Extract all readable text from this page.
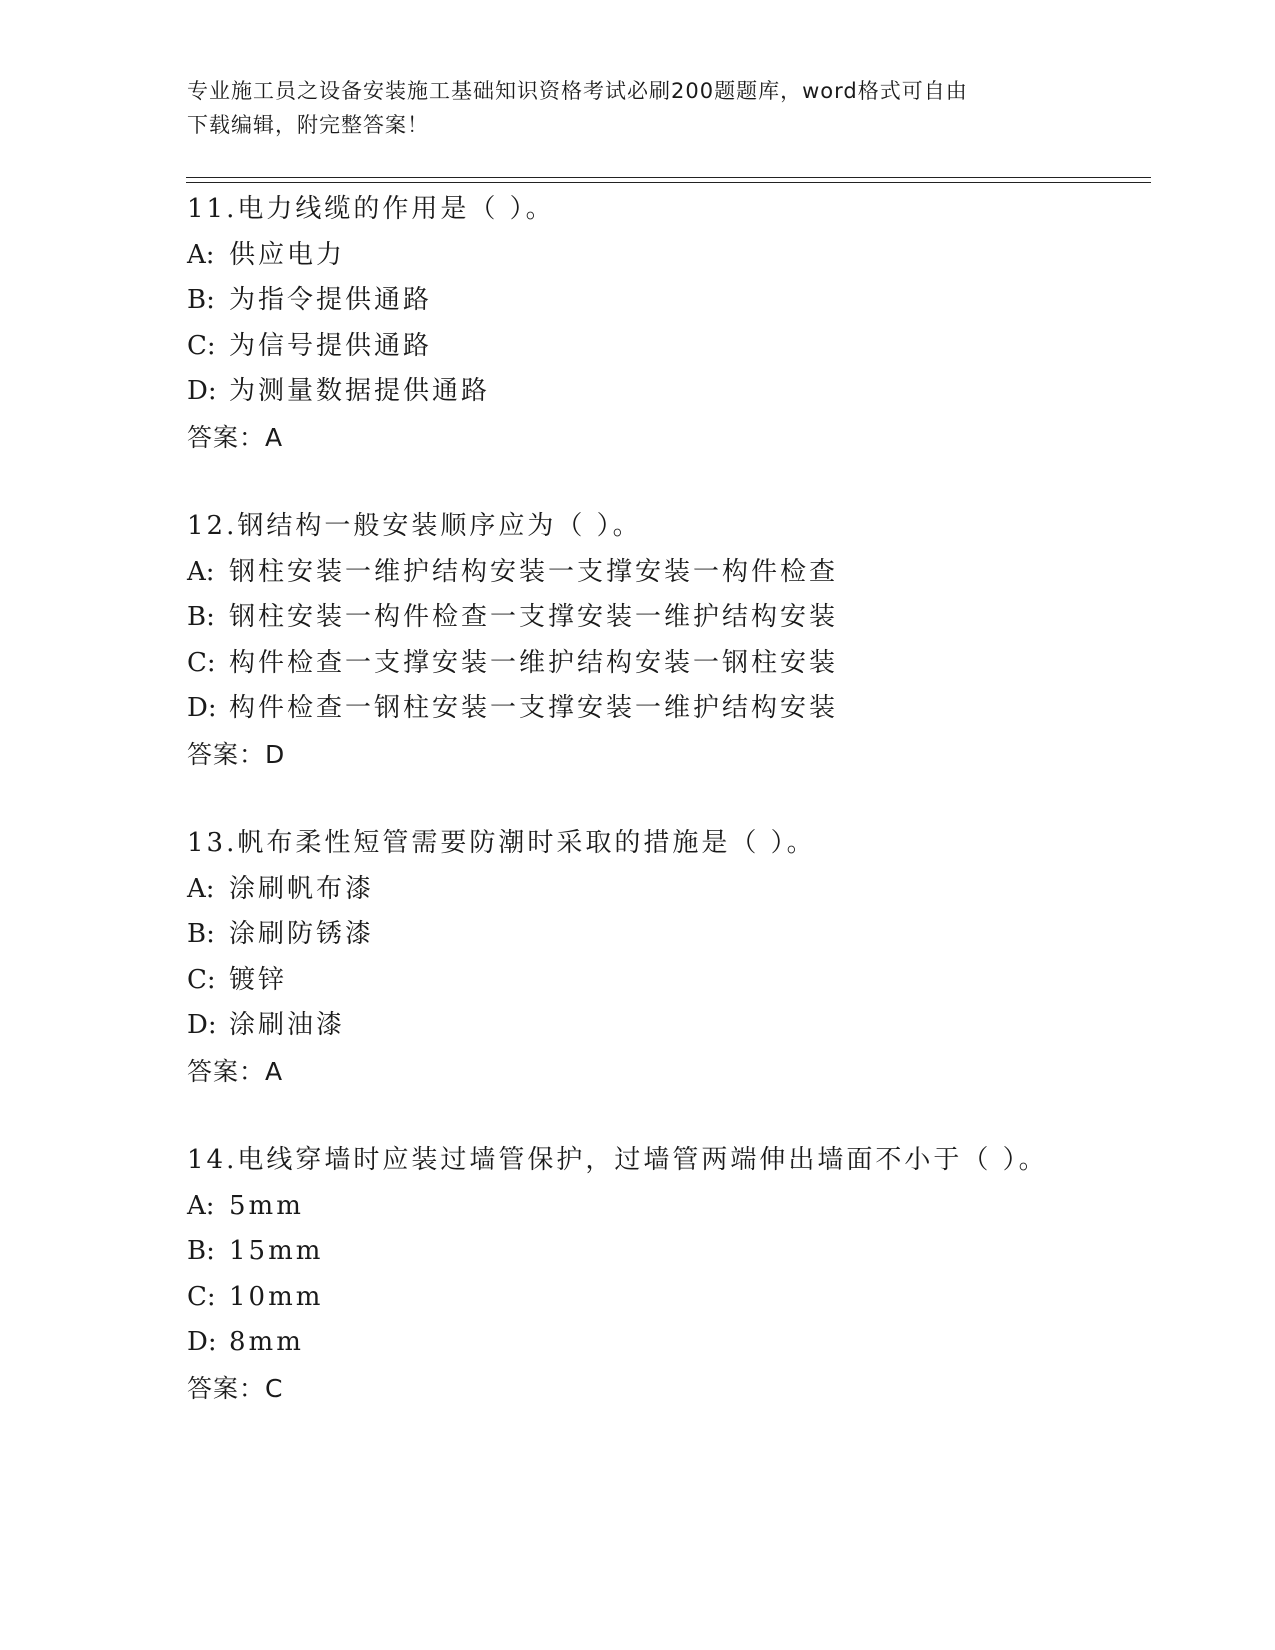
专业施工员之设备安装施工基础知识资格考试必刷200题题库，word格式可自由
下载编辑，附完整答案！
11.电力线缆的作用是（ ）。
A: 供应电力
B: 为指令提供通路
C: 为信号提供通路
D: 为测量数据提供通路
答案：A
12.钢结构一般安装顺序应为（ ）。
A: 钢柱安装一维护结构安装一支撑安装一构件检查
B: 钢柱安装一构件检查一支撑安装一维护结构安装
C: 构件检查一支撑安装一维护结构安装一钢柱安装
D: 构件检查一钢柱安装一支撑安装一维护结构安装
答案：D
13.帆布柔性短管需要防潮时采取的措施是（ ）。
A: 涂刷帆布漆
B: 涂刷防锈漆
C: 镀锌
D: 涂刷油漆
答案：A
14.电线穿墙时应装过墙管保护，过墙管两端伸出墙面不小于（ ）。
A: 5mm
B: 15mm
C: 10mm
D: 8mm
答案：C
